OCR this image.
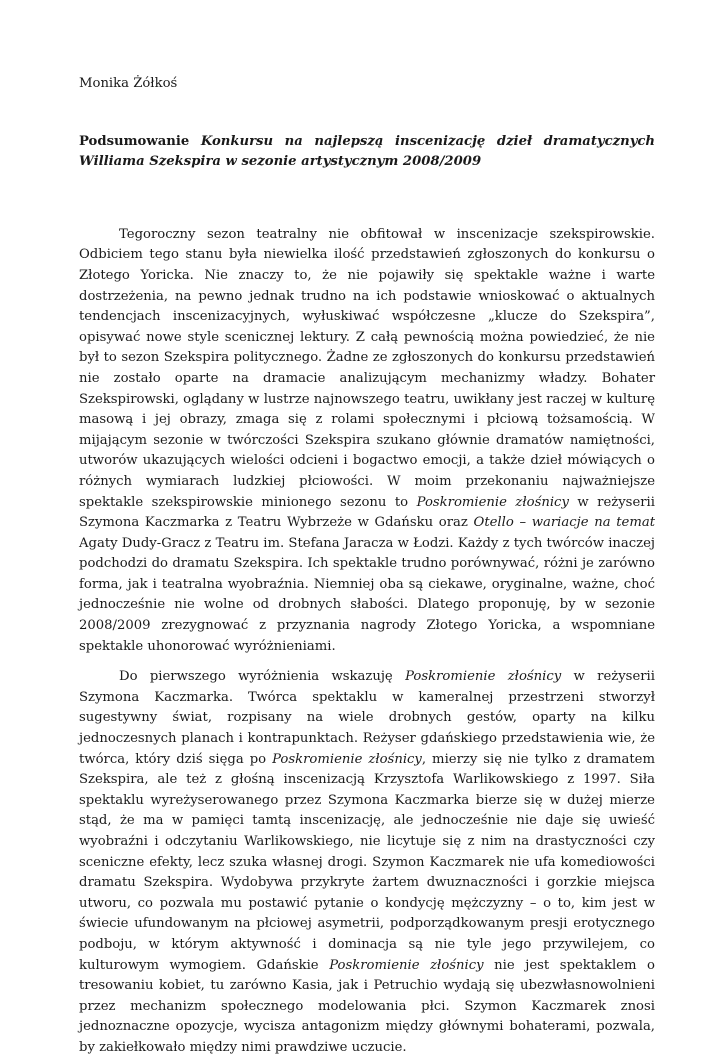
Monika Żółkoś

Podsumowanie Konkursu na najlepszą inscenizację dzieł dramatycznych Williama Szekspira w sezonie artystycznym 2008/2009

Tegoroczny sezon teatralny nie obfitował w inscenizacje szekspirowskie. Odbiciem tego stanu była niewielka ilość przedstawień zgłoszonych do konkursu o Złotego Yoricka. Nie znaczy to, że nie pojawiły się spektakle ważne i warte dostrzeżenia, na pewno jednak trudno na ich podstawie wnioskować o aktualnych tendencjach inscenizacyjnych, wyłuskiwać współczesne „klucze do Szekspira”, opisywać nowe style scenicznej lektury. Z całą pewnością można powiedzieć, że nie był to sezon Szekspira politycznego. Żadne ze zgłoszonych do konkursu przedstawień nie zostało oparte na dramacie analizującym mechanizmy władzy. Bohater Szekspirowski, oglądany w lustrze najnowszego teatru, uwikłany jest raczej w kulturę masową i jej obrazy, zmaga się z rolami społecznymi i płciową tożsamością. W mijającym sezonie w twórczości Szekspira szukano głównie dramatów namiętności, utworów ukazujących wielości odcieni i bogactwo emocji, a także dzieł mówiących o różnych wymiarach ludzkiej płciowości. W moim przekonaniu najważniejsze spektakle szekspirowskie minionego sezonu to Poskromienie złośnicy w reżyserii Szymona Kaczmarka z Teatru Wybrzeże w Gdańsku oraz Otello – wariacje na temat Agaty Dudy-Gracz z Teatru im. Stefana Jaracza w Łodzi. Każdy z tych twórców inaczej podchodzi do dramatu Szekspira. Ich spektakle trudno porównywać, różni je zarówno forma, jak i teatralna wyobraźnia. Niemniej oba są ciekawe, oryginalne, ważne, choć jednocześnie nie wolne od drobnych słabości. Dlatego proponuję, by w sezonie 2008/2009 zrezygnować z przyznania nagrody Złotego Yoricka, a wspomniane spektakle uhonorować wyróżnieniami.

Do pierwszego wyróżnienia wskazuję Poskromienie złośnicy w reżyserii Szymona Kaczmarka. Twórca spektaklu w kameralnej przestrzeni stworzył sugestywny świat, rozpisany na wiele drobnych gestów, oparty na kilku jednoczesnych planach i kontrapunktach. Reżyser gdańskiego przedstawienia wie, że twórca, który dziś sięga po Poskromienie złośnicy, mierzy się nie tylko z dramatem Szekspira, ale też z głośną inscenizacją Krzysztofa Warlikowskiego z 1997. Siła spektaklu wyreżyserowanego przez Szymona Kaczmarka bierze się w dużej mierze stąd, że ma w pamięci tamtą inscenizację, ale jednocześnie nie daje się uwieść wyobraźni i odczytaniu Warlikowskiego, nie licytuje się z nim na drastyczności czy sceniczne efekty, lecz szuka własnej drogi. Szymon Kaczmarek nie ufa komediowości dramatu Szekspira. Wydobywa przykryte żartem dwuznaczności i gorzkie miejsca utworu, co pozwala mu postawić pytanie o kondycję mężczyzny – o to, kim jest w świecie ufundowanym na płciowej asymetrii, podporządkowanym presji erotycznego podboju, w którym aktywność i dominacja są nie tyle jego przywilejem, co kulturowym wymogiem. Gdańskie Poskromienie złośnicy nie jest spektaklem o tresowaniu kobiet, tu zarówno Kasia, jak i Petruchio wydają się ubezwłasnowolnieni przez mechanizm społecznego modelowania płci. Szymon Kaczmarek znosi jednoznaczne opozycje, wycisza antagonizm między głównymi bohaterami, pozwala, by zakiełkowało między nimi prawdziwe uczucie.
